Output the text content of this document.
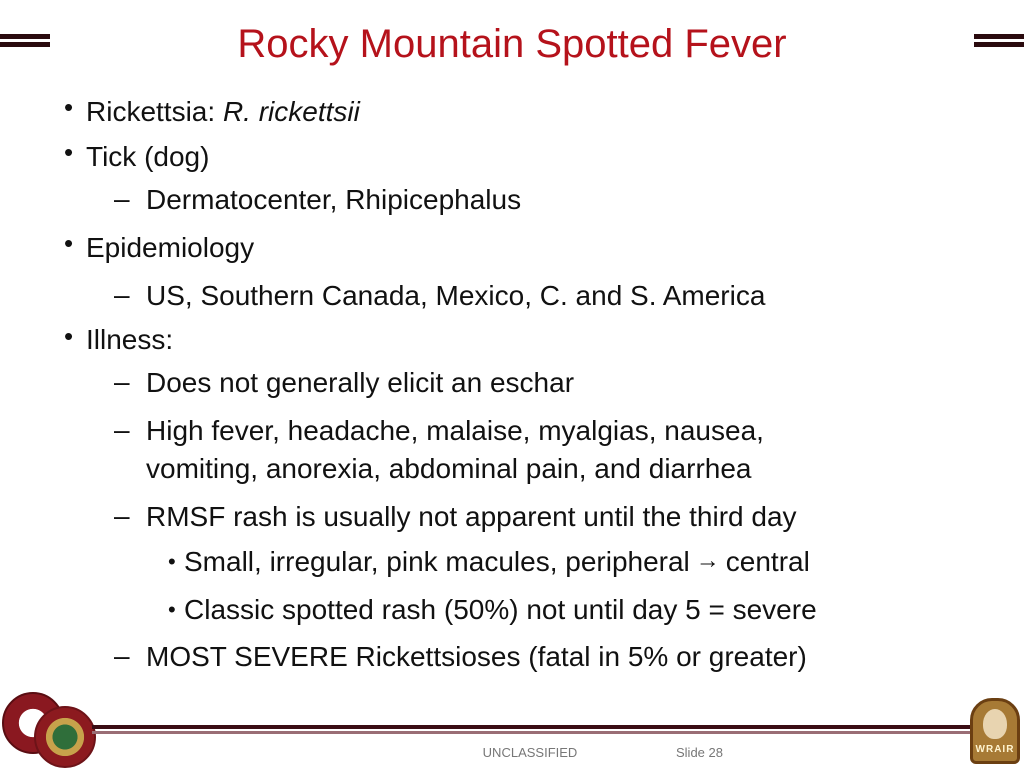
Rocky Mountain Spotted Fever
• Rickettsia: R. rickettsii
• Tick (dog)
– Dermatocenter, Rhipicephalus
• Epidemiology
– US, Southern Canada, Mexico, C. and S. America
• Illness:
– Does not generally elicit an eschar
– High fever, headache, malaise, myalgias, nausea,
vomiting, anorexia, abdominal pain, and diarrhea
– RMSF rash is usually not apparent until the third day
• Small, irregular, pink macules, peripheral → central
• Classic spotted rash (50%) not until day 5 = severe
– MOST SEVERE Rickettsioses (fatal in 5% or greater)
UNCLASSIFIED	Slide 28	WRAIR
